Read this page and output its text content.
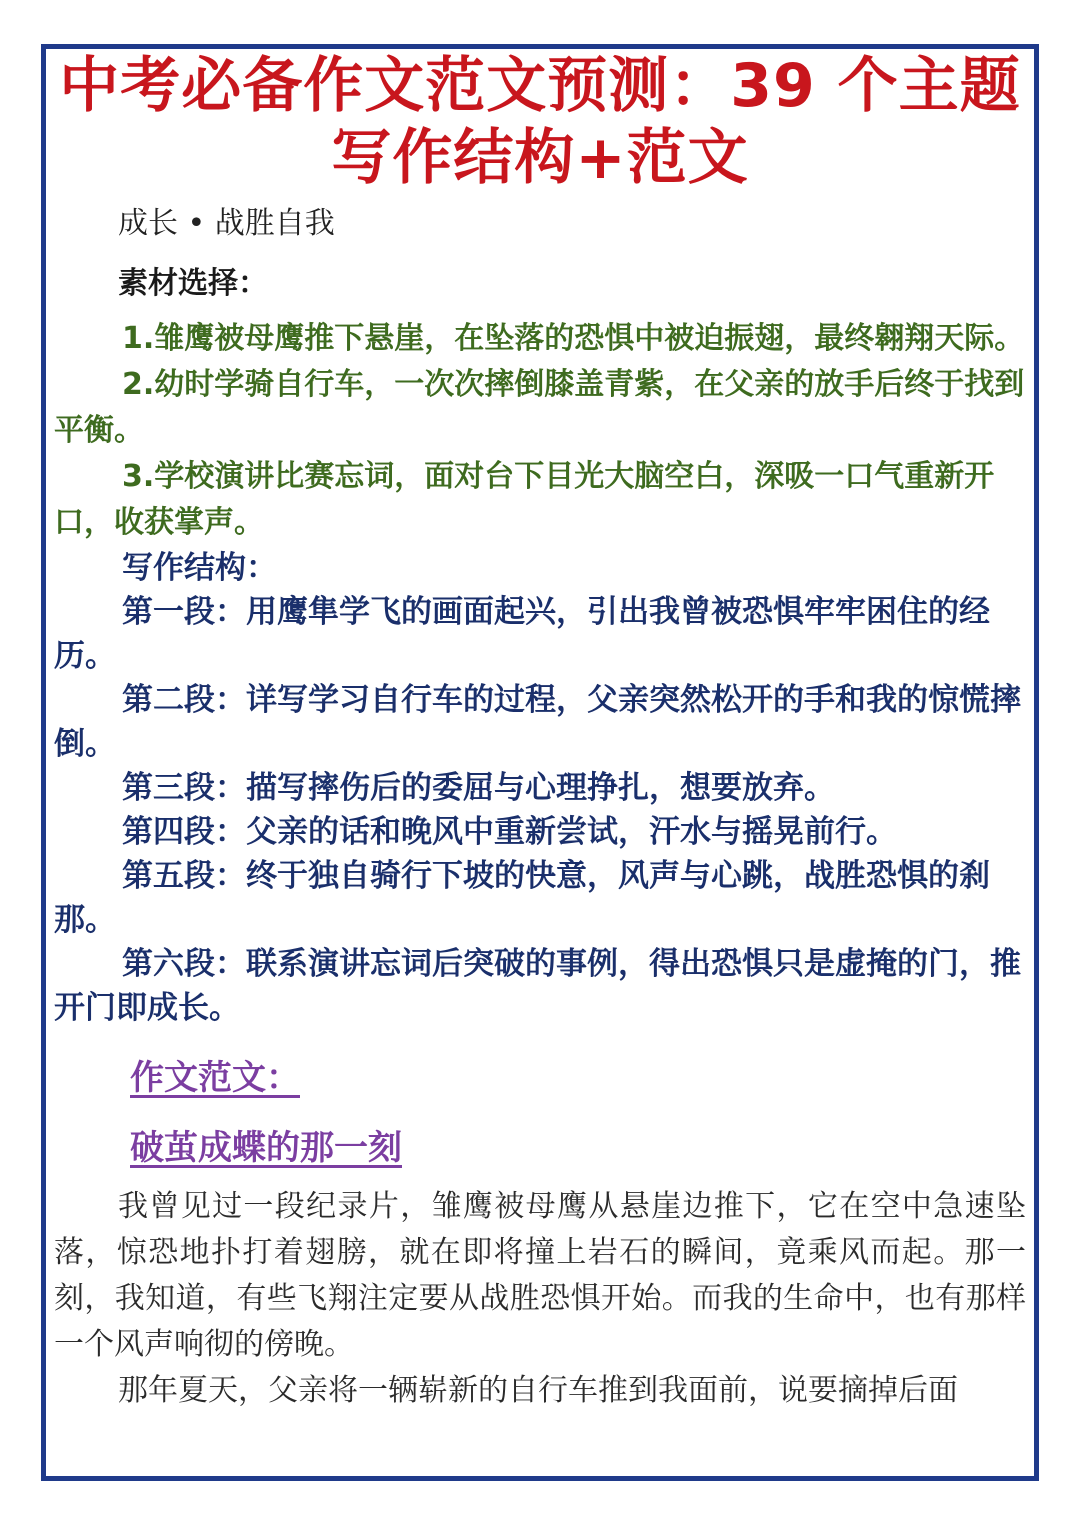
中考必备作文范文预测：39 个主题
写作结构+范文
成长 • 战胜自我
素材选择：

1.雏鹰被母鹰推下悬崖，在坠落的恐惧中被迫振翅，最终翱翔天际。

2.幼时学骑自行车，一次次摔倒膝盖青紫，在父亲的放手后终于找到平衡。

3.学校演讲比赛忘词，面对台下目光大脑空白，深吸一口气重新开口，收获掌声。

写作结构：

第一段：用鹰隼学飞的画面起兴，引出我曾被恐惧牢牢困住的经历。

第二段：详写学习自行车的过程，父亲突然松开的手和我的惊慌摔倒。

第三段：描写摔伤后的委屈与心理挣扎，想要放弃。

第四段：父亲的话和晚风中重新尝试，汗水与摇晃前行。

第五段：终于独自骑行下坡的快意，风声与心跳，战胜恐惧的刹那。

第六段：联系演讲忘词后突破的事例，得出恐惧只是虚掩的门，推开门即成长。

作文范文：
破茧成蝶的那一刻

我曾见过一段纪录片，雏鹰被母鹰从悬崖边推下，它在空中急速坠落，惊恐地扑打着翅膀，就在即将撞上岩石的瞬间，竟乘风而起。那一刻，我知道，有些飞翔注定要从战胜恐惧开始。而我的生命中，也有那样一个风声响彻的傍晚。

那年夏天，父亲将一辆崭新的自行车推到我面前，说要摘掉后面
